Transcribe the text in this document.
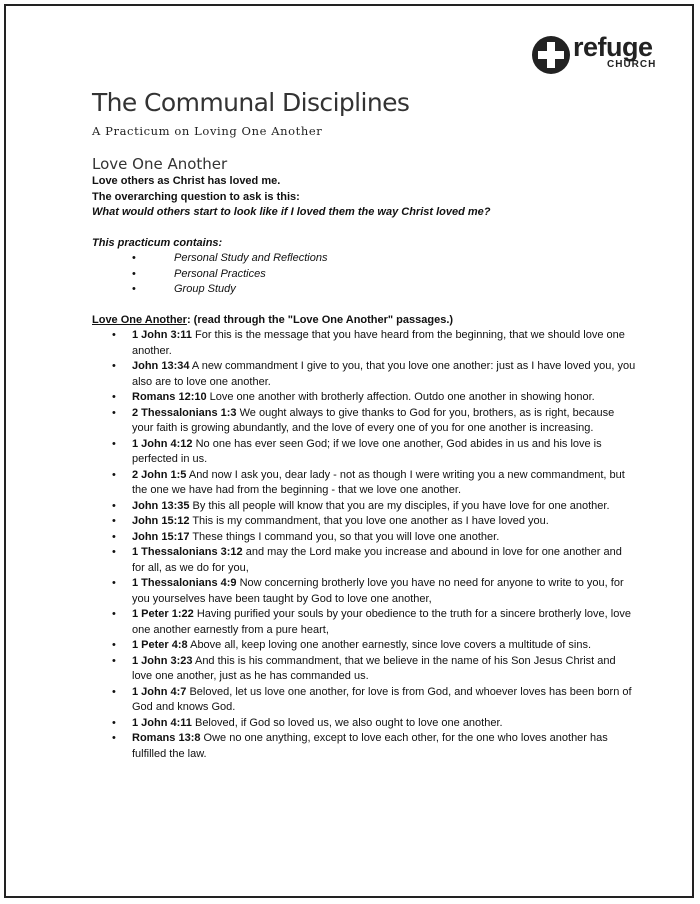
refuge
CHURCH
The Communal Disciplines
A Practicum on Loving One Another
Love One Another
Love others as Christ has loved me.
The overarching question to ask is this:
What would others start to look like if I loved them the way Christ loved me?
This practicum contains:
• Personal Study and Reflections
• Personal Practices
• Group Study
Love One Another: (read through the "Love One Another" passages.)
• 1 John 3:11 For this is the message that you have heard from the beginning, that we should love one another.
• John 13:34 A new commandment I give to you, that you love one another: just as I have loved you, you also are to love one another.
• Romans 12:10 Love one another with brotherly affection. Outdo one another in showing honor.
• 2 Thessalonians 1:3 We ought always to give thanks to God for you, brothers, as is right, because your faith is growing abundantly, and the love of every one of you for one another is increasing.
• 1 John 4:12 No one has ever seen God; if we love one another, God abides in us and his love is perfected in us.
• 2 John 1:5 And now I ask you, dear lady - not as though I were writing you a new commandment, but the one we have had from the beginning - that we love one another.
• John 13:35 By this all people will know that you are my disciples, if you have love for one another.
• John 15:12 This is my commandment, that you love one another as I have loved you.
• John 15:17 These things I command you, so that you will love one another.
• 1 Thessalonians 3:12 and may the Lord make you increase and abound in love for one another and for all, as we do for you,
• 1 Thessalonians 4:9 Now concerning brotherly love you have no need for anyone to write to you, for you yourselves have been taught by God to love one another,
• 1 Peter 1:22 Having purified your souls by your obedience to the truth for a sincere brotherly love, love one another earnestly from a pure heart,
• 1 Peter 4:8 Above all, keep loving one another earnestly, since love covers a multitude of sins.
• 1 John 3:23 And this is his commandment, that we believe in the name of his Son Jesus Christ and love one another, just as he has commanded us.
• 1 John 4:7 Beloved, let us love one another, for love is from God, and whoever loves has been born of God and knows God.
• 1 John 4:11 Beloved, if God so loved us, we also ought to love one another.
• Romans 13:8 Owe no one anything, except to love each other, for the one who loves another has fulfilled the law.
